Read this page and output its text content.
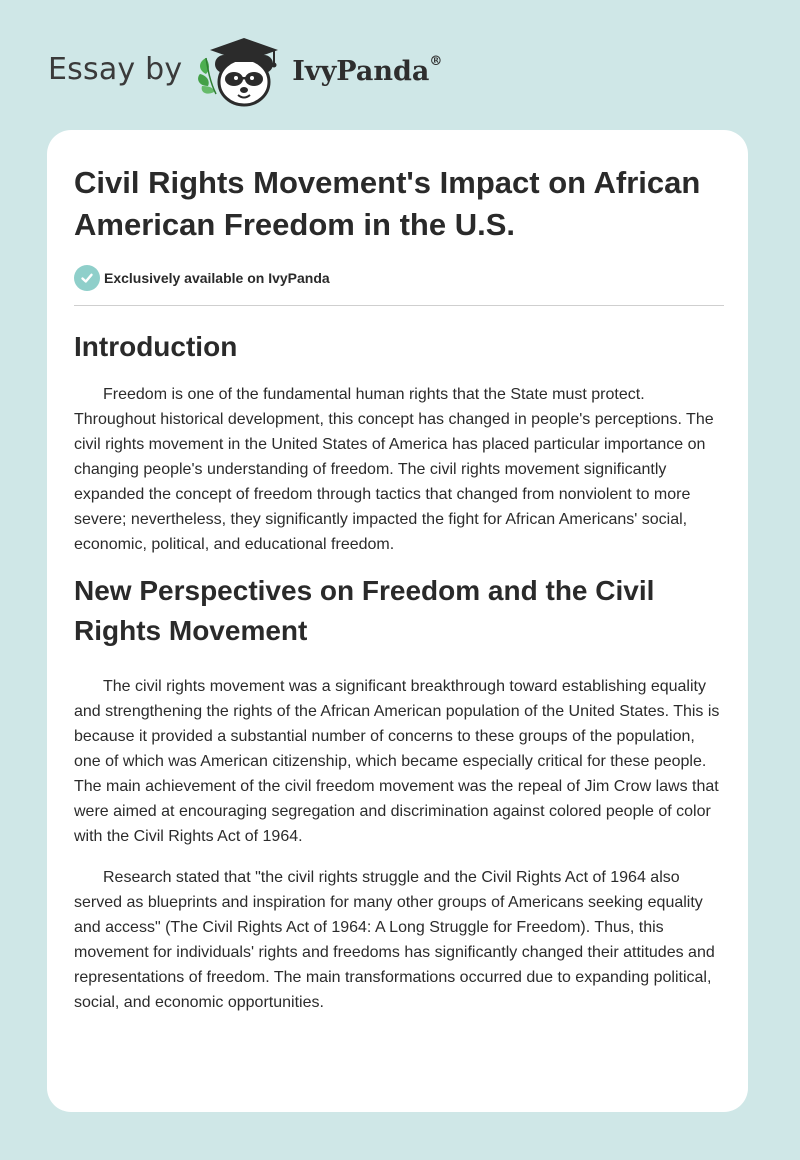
Essay by	IvyPanda®
Civil Rights Movement's Impact on African American Freedom in the U.S.
Exclusively available on IvyPanda
Introduction

Freedom is one of the fundamental human rights that the State must protect. Throughout historical development, this concept has changed in people's perceptions. The civil rights movement in the United States of America has placed particular importance on changing people's understanding of freedom. The civil rights movement significantly expanded the concept of freedom through tactics that changed from nonviolent to more severe; nevertheless, they significantly impacted the fight for African Americans' social, economic, political, and educational freedom.

New Perspectives on Freedom and the Civil Rights Movement

The civil rights movement was a significant breakthrough toward establishing equality and strengthening the rights of the African American population of the United States. This is because it provided a substantial number of concerns to these groups of the population, one of which was American citizenship, which became especially critical for these people. The main achievement of the civil freedom movement was the repeal of Jim Crow laws that were aimed at encouraging segregation and discrimination against colored people of color with the Civil Rights Act of 1964.

Research stated that "the civil rights struggle and the Civil Rights Act of 1964 also served as blueprints and inspiration for many other groups of Americans seeking equality and access" (The Civil Rights Act of 1964: A Long Struggle for Freedom). Thus, this movement for individuals' rights and freedoms has significantly changed their attitudes and representations of freedom. The main transformations occurred due to expanding political, social, and economic opportunities.
